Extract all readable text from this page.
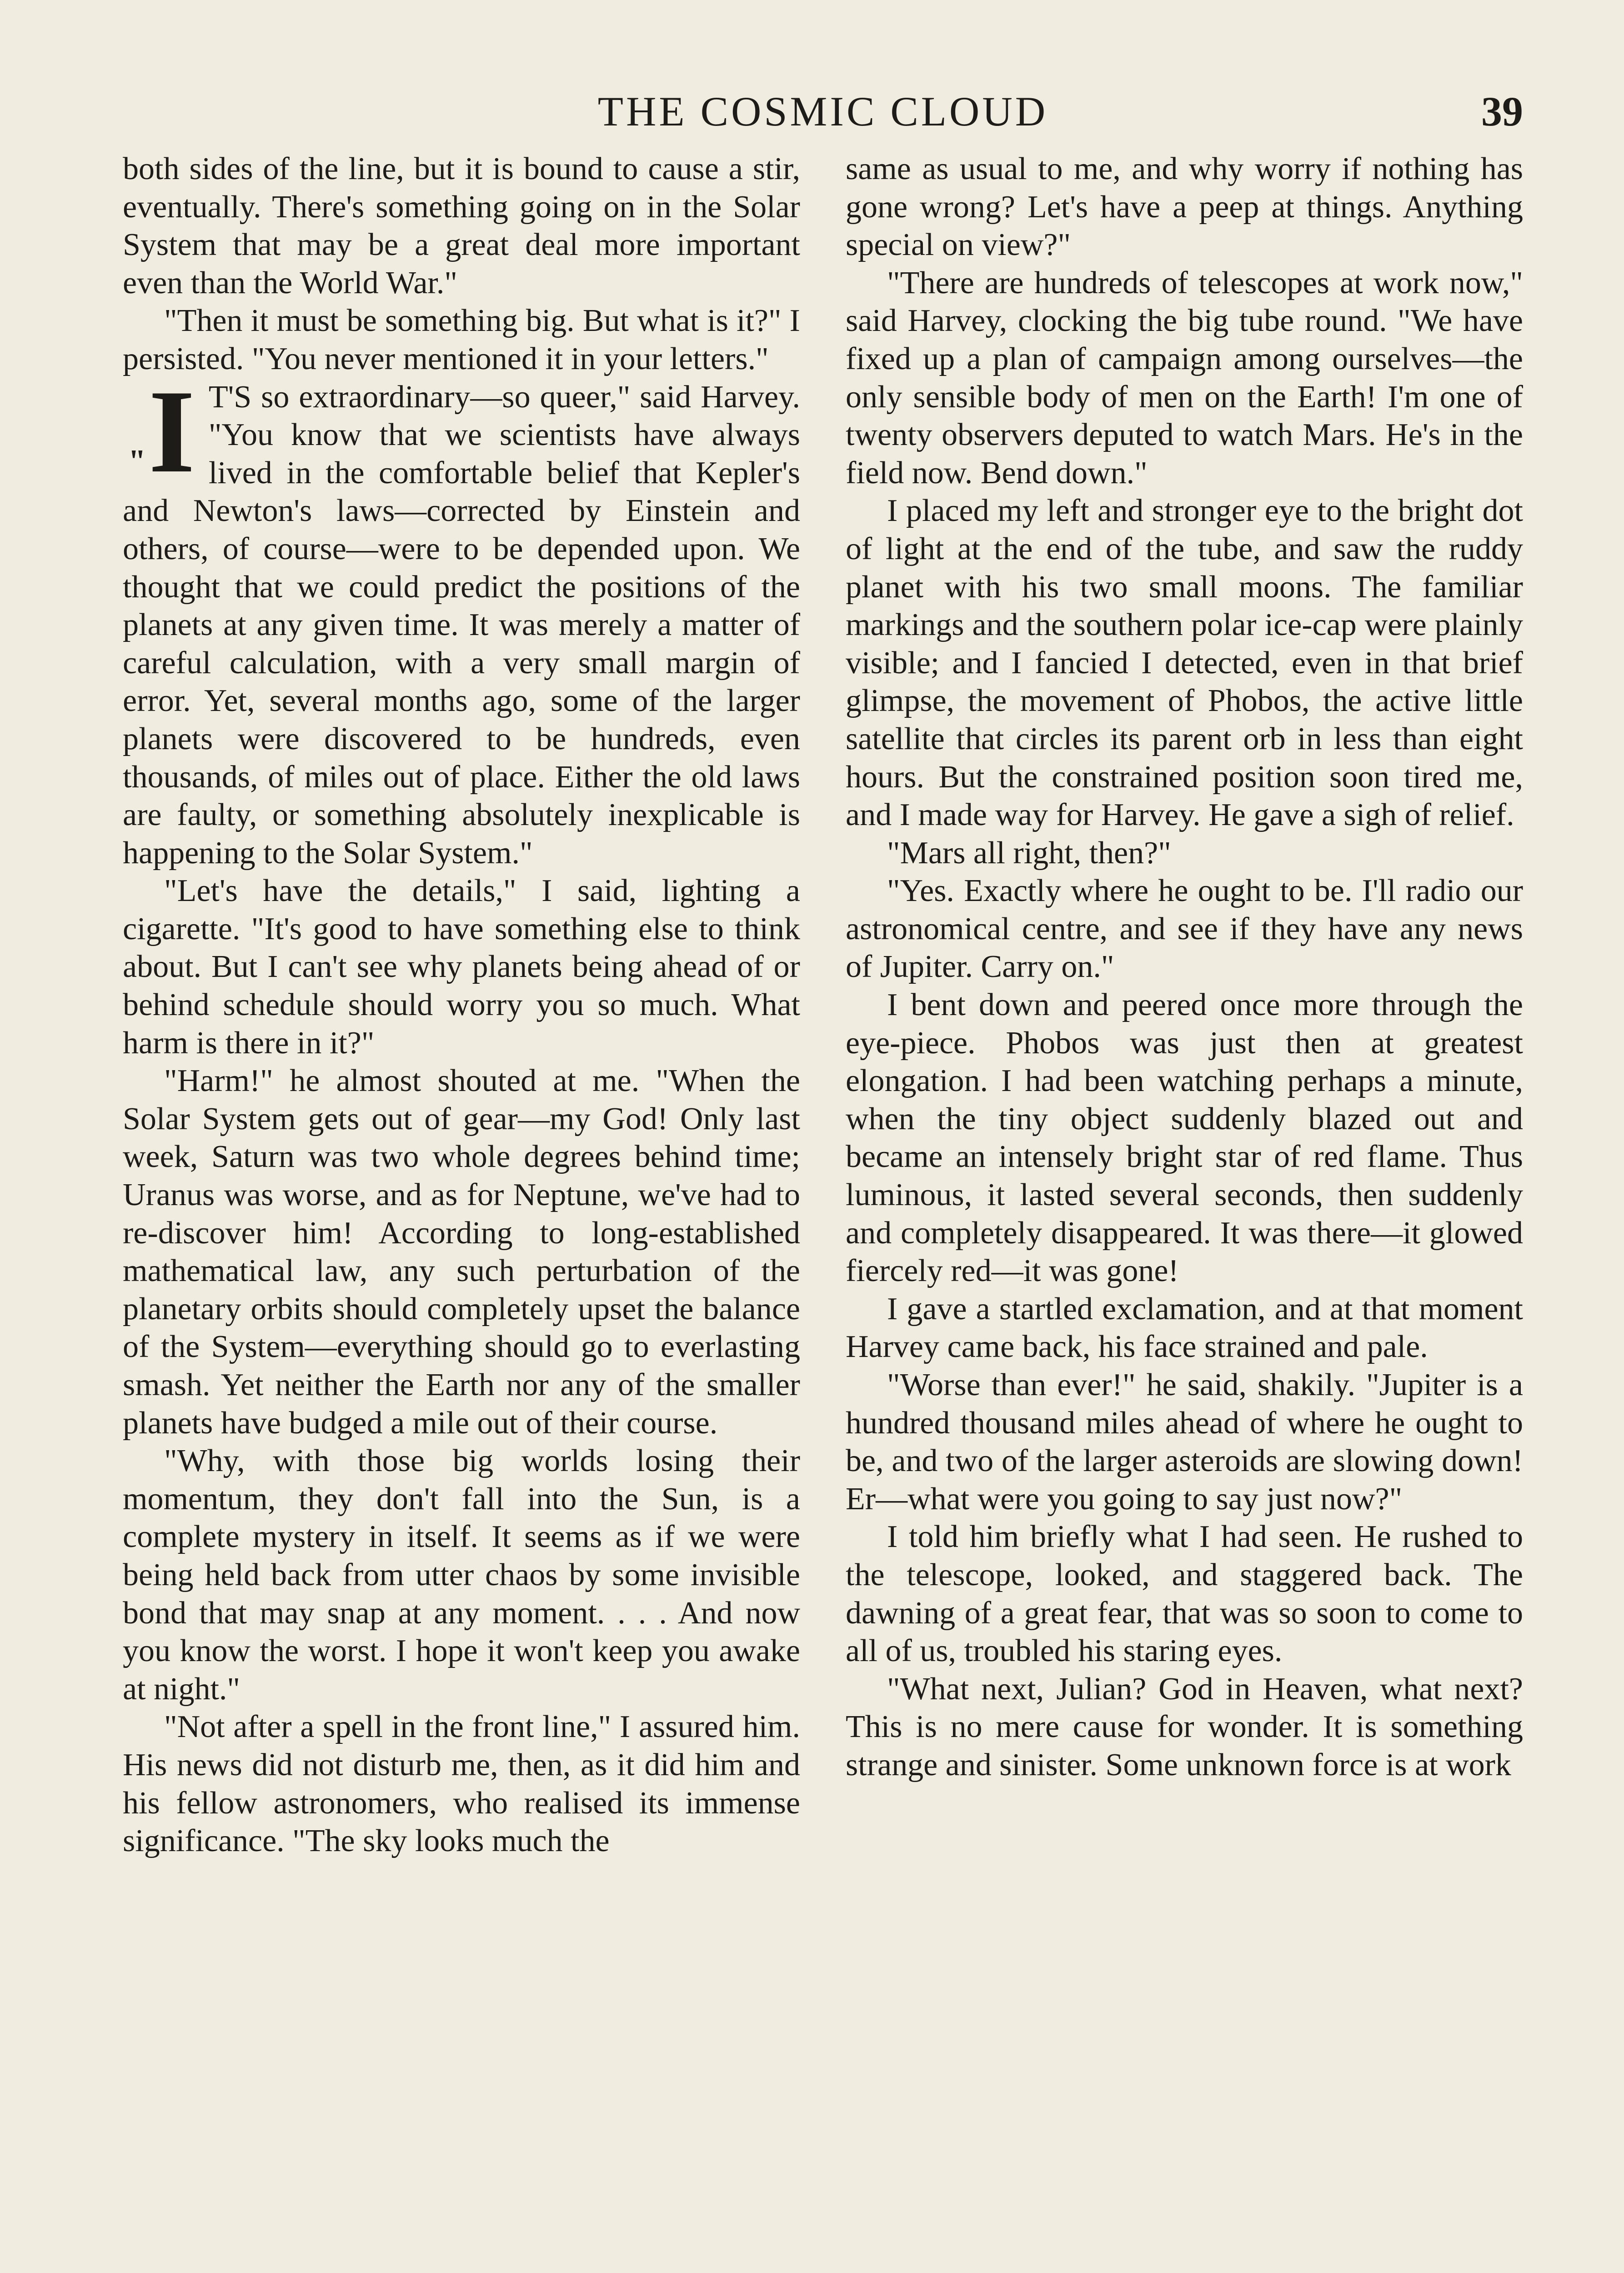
THE COSMIC CLOUD	39

both sides of the line, but it is bound to cause a stir, eventually. There's something going on in the Solar System that may be a great deal more important even than the World War."

"Then it must be something big. But what is it?" I persisted. "You never mentioned it in your letters."

"I T'S so extraordinary—so queer," said Harvey. "You know that we scientists have always lived in the comfortable belief that Kepler's and Newton's laws—corrected by Einstein and others, of course—were to be depended upon. We thought that we could predict the positions of the planets at any given time. It was merely a matter of careful calculation, with a very small margin of error. Yet, several months ago, some of the larger planets were discovered to be hundreds, even thousands, of miles out of place. Either the old laws are faulty, or something absolutely inexplicable is happening to the Solar System."

"Let's have the details," I said, lighting a cigarette. "It's good to have something else to think about. But I can't see why planets being ahead of or behind schedule should worry you so much. What harm is there in it?"

"Harm!" he almost shouted at me. "When the Solar System gets out of gear—my God! Only last week, Saturn was two whole degrees behind time; Uranus was worse, and as for Neptune, we've had to re-discover him! According to long-established mathematical law, any such perturbation of the planetary orbits should completely upset the balance of the System—everything should go to everlasting smash. Yet neither the Earth nor any of the smaller planets have budged a mile out of their course.

"Why, with those big worlds losing their momentum, they don't fall into the Sun, is a complete mystery in itself. It seems as if we were being held back from utter chaos by some invisible bond that may snap at any moment. . . . And now you know the worst. I hope it won't keep you awake at night."

"Not after a spell in the front line," I assured him. His news did not disturb me, then, as it did him and his fellow astronomers, who realised its immense significance. "The sky looks much the

same as usual to me, and why worry if nothing has gone wrong? Let's have a peep at things. Anything special on view?"

"There are hundreds of telescopes at work now," said Harvey, clocking the big tube round. "We have fixed up a plan of campaign among ourselves—the only sensible body of men on the Earth! I'm one of twenty observers deputed to watch Mars. He's in the field now. Bend down."

I placed my left and stronger eye to the bright dot of light at the end of the tube, and saw the ruddy planet with his two small moons. The familiar markings and the southern polar ice-cap were plainly visible; and I fancied I detected, even in that brief glimpse, the movement of Phobos, the active little satellite that circles its parent orb in less than eight hours. But the constrained position soon tired me, and I made way for Harvey. He gave a sigh of relief.

"Mars all right, then?"

"Yes. Exactly where he ought to be. I'll radio our astronomical centre, and see if they have any news of Jupiter. Carry on."

I bent down and peered once more through the eye-piece. Phobos was just then at greatest elongation. I had been watching perhaps a minute, when the tiny object suddenly blazed out and became an intensely bright star of red flame. Thus luminous, it lasted several seconds, then suddenly and completely disappeared. It was there—it glowed fiercely red—it was gone!

I gave a startled exclamation, and at that moment Harvey came back, his face strained and pale.

"Worse than ever!" he said, shakily. "Jupiter is a hundred thousand miles ahead of where he ought to be, and two of the larger asteroids are slowing down! Er—what were you going to say just now?"

I told him briefly what I had seen. He rushed to the telescope, looked, and staggered back. The dawning of a great fear, that was so soon to come to all of us, troubled his staring eyes.

"What next, Julian? God in Heaven, what next? This is no mere cause for wonder. It is something strange and sinister. Some unknown force is at work
